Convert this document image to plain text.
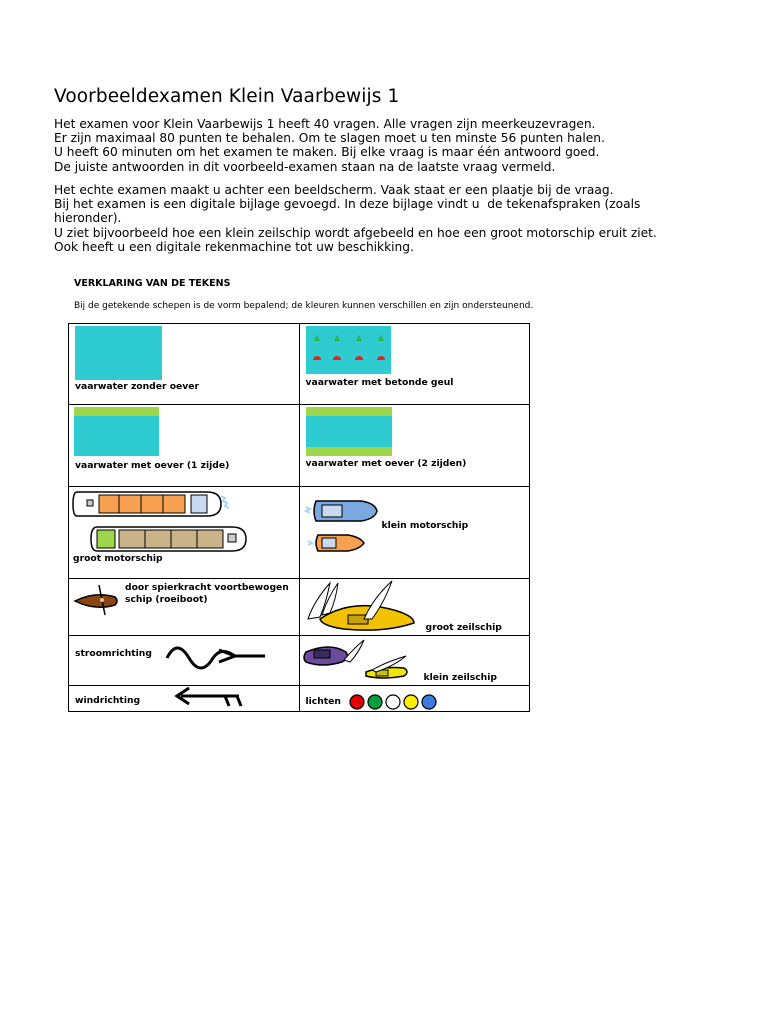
Voorbeeldexamen Klein Vaarbewijs 1
Het examen voor Klein Vaarbewijs 1 heeft 40 vragen. Alle vragen zijn meerkeuzevragen.
Er zijn maximaal 80 punten te behalen. Om te slagen moet u ten minste 56 punten halen.
U heeft 60 minuten om het examen te maken. Bij elke vraag is maar één antwoord goed.
De juiste antwoorden in dit voorbeeld-examen staan na de laatste vraag vermeld.
Het echte examen maakt u achter een beeldscherm. Vaak staat er een plaatje bij de vraag.
Bij het examen is een digitale bijlage gevoegd. In deze bijlage vindt u  de tekenafspraken (zoals
hieronder).
U ziet bijvoorbeeld hoe een klein zeilschip wordt afgebeeld en hoe een groot motorschip eruit ziet.
Ook heeft u een digitale rekenmachine tot uw beschikking.

VERKLARING VAN DE TEKENS

Bij de getekende schepen is de vorm bepalend; de kleuren kunnen verschillen en zijn ondersteunend.

vaarwater zonder oever	vaarwater met betonde geul

vaarwater met oever (1 zijde)	vaarwater met oever (2 zijden)

groot motorschip	klein motorschip

door spierkracht voortbewogen
schip (roeiboot)	groot zeilschip

stroomrichting	klein zeilschip

windrichting	lichten
